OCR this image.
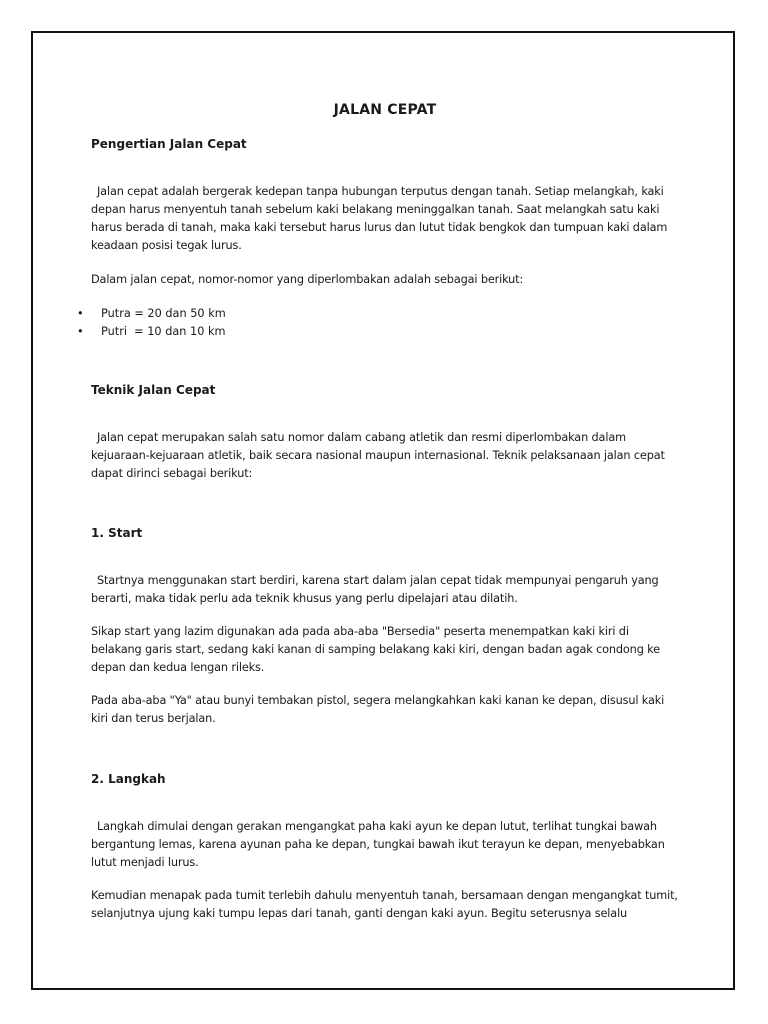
JALAN CEPAT
Pengertian Jalan Cepat

Jalan cepat adalah bergerak kedepan tanpa hubungan terputus dengan tanah. Setiap melangkah, kaki depan harus menyentuh tanah sebelum kaki belakang meninggalkan tanah. Saat melangkah satu kaki harus berada di tanah, maka kaki tersebut harus lurus dan lutut tidak bengkok dan tumpuan kaki dalam keadaan posisi tegak lurus.

Dalam jalan cepat, nomor-nomor yang diperlombakan adalah sebagai berikut:

• Putra = 20 dan 50 km
• Putri  = 10 dan 10 km
Teknik Jalan Cepat

Jalan cepat merupakan salah satu nomor dalam cabang atletik dan resmi diperlombakan dalam kejuaraan-kejuaraan atletik, baik secara nasional maupun internasional. Teknik pelaksanaan jalan cepat dapat dirinci sebagai berikut:

1. Start

Startnya menggunakan start berdiri, karena start dalam jalan cepat tidak mempunyai pengaruh yang berarti, maka tidak perlu ada teknik khusus yang perlu dipelajari atau dilatih.

Sikap start yang lazim digunakan ada pada aba-aba "Bersedia" peserta menempatkan kaki kiri di belakang garis start, sedang kaki kanan di samping belakang kaki kiri, dengan badan agak condong ke depan dan kedua lengan rileks.

Pada aba-aba "Ya" atau bunyi tembakan pistol, segera melangkahkan kaki kanan ke depan, disusul kaki kiri dan terus berjalan.

2. Langkah

Langkah dimulai dengan gerakan mengangkat paha kaki ayun ke depan lutut, terlihat tungkai bawah bergantung lemas, karena ayunan paha ke depan, tungkai bawah ikut terayun ke depan, menyebabkan lutut menjadi lurus.

Kemudian menapak pada tumit terlebih dahulu menyentuh tanah, bersamaan dengan mengangkat tumit, selanjutnya ujung kaki tumpu lepas dari tanah, ganti dengan kaki ayun. Begitu seterusnya selalu
